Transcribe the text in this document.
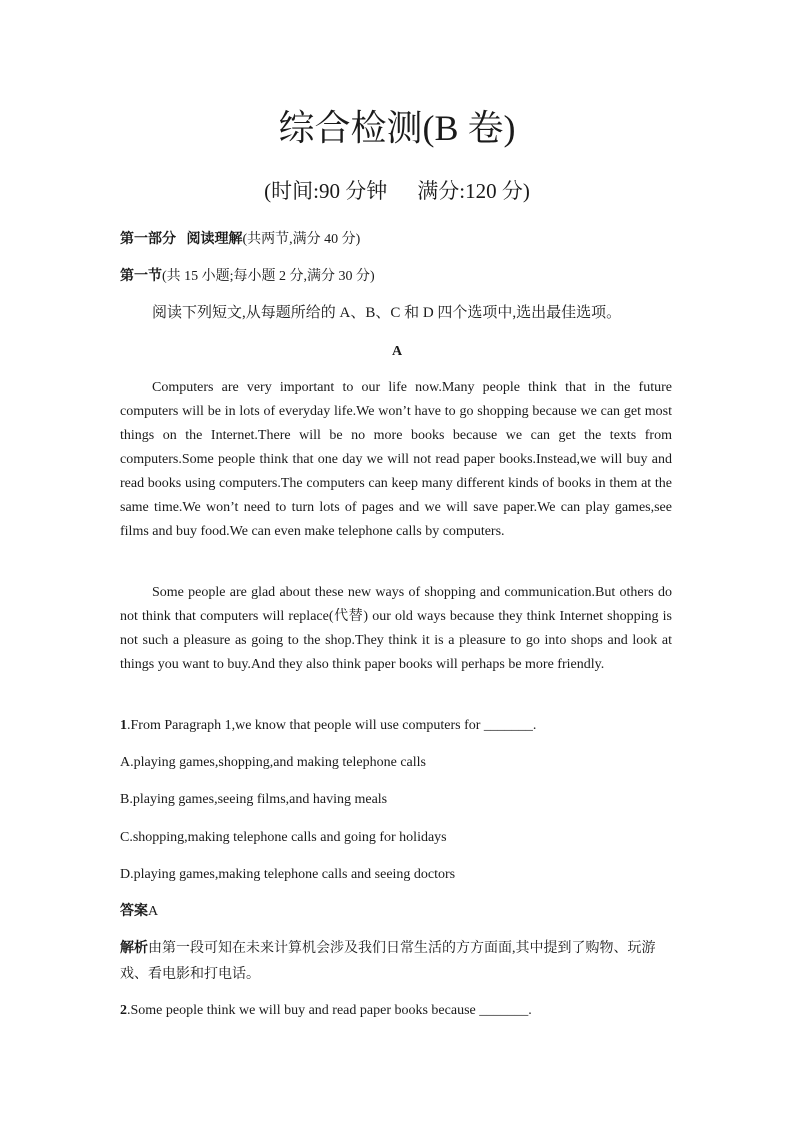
综合检测(B 卷)
(时间:90 分钟 满分:120 分)
第一部分 阅读理解(共两节,满分 40 分)
第一节(共 15 小题;每小题 2 分,满分 30 分)
阅读下列短文,从每题所给的 A、B、C 和 D 四个选项中,选出最佳选项。
A
Computers are very important to our life now.Many people think that in the future computers will be in lots of everyday life.We won’t have to go shopping because we can get most things on the Internet.There will be no more books because we can get the texts from computers.Some people think that one day we will not read paper books.Instead,we will buy and read books using computers.The computers can keep many different kinds of books in them at the same time.We won’t need to turn lots of pages and we will save paper.We can play games,see films and buy food.We can even make telephone calls by computers.
Some people are glad about these new ways of shopping and communication.But others do not think that computers will replace(代替) our old ways because they think Internet shopping is not such a pleasure as going to the shop.They think it is a pleasure to go into shops and look at things you want to buy.And they also think paper books will perhaps be more friendly.
1.From Paragraph 1,we know that people will use computers for _______.
A.playing games,shopping,and making telephone calls
B.playing games,seeing films,and having meals
C.shopping,making telephone calls and going for holidays
D.playing games,making telephone calls and seeing doctors
答案A
解析由第一段可知在未来计算机会涉及我们日常生活的方方面面,其中提到了购物、玩游戏、看电影和打电话。
2.Some people think we will buy and read paper books because _______.
